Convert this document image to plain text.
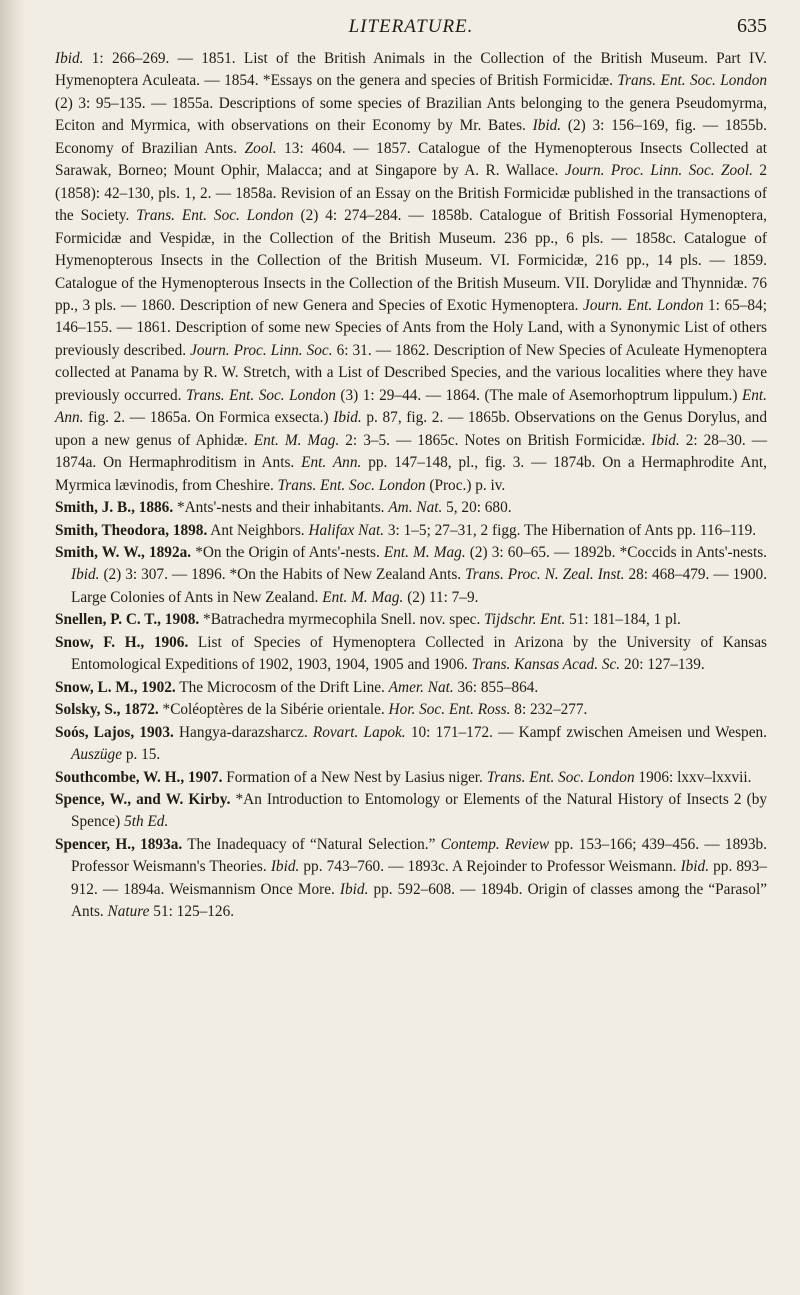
LITERATURE.	635

Ibid. 1: 266–269. — 1851. List of the British Animals in the Collection of the British Museum. Part IV. Hymenoptera Aculeata. — 1854. *Essays on the genera and species of British Formicidæ. Trans. Ent. Soc. London (2) 3: 95–135. — 1855a. Descriptions of some species of Brazilian Ants belonging to the genera Pseudomyrma, Eciton and Myrmica, with observations on their Economy by Mr. Bates. Ibid. (2) 3: 156–169, fig. — 1855b. Economy of Brazilian Ants. Zool. 13: 4604. — 1857. Catalogue of the Hymenopterous Insects Collected at Sarawak, Borneo; Mount Ophir, Malacca; and at Singapore by A. R. Wallace. Journ. Proc. Linn. Soc. Zool. 2 (1858): 42–130, pls. 1, 2. — 1858a. Revision of an Essay on the British Formicidæ published in the transactions of the Society. Trans. Ent. Soc. London (2) 4: 274–284. — 1858b. Catalogue of British Fossorial Hymenoptera, Formicidæ and Vespidæ, in the Collection of the British Museum. 236 pp., 6 pls. — 1858c. Catalogue of Hymenopterous Insects in the Collection of the British Museum. VI. Formicidæ, 216 pp., 14 pls. — 1859. Catalogue of the Hymenopterous Insects in the Collection of the British Museum. VII. Dorylidæ and Thynnidæ. 76 pp., 3 pls. — 1860. Description of new Genera and Species of Exotic Hymenoptera. Journ. Ent. London 1: 65–84; 146–155. — 1861. Description of some new Species of Ants from the Holy Land, with a Synonymic List of others previously described. Journ. Proc. Linn. Soc. 6: 31. — 1862. Description of New Species of Aculeate Hymenoptera collected at Panama by R. W. Stretch, with a List of Described Species, and the various localities where they have previously occurred. Trans. Ent. Soc. London (3) 1: 29–44. — 1864. (The male of Asemorhoptrum lippulum.) Ent. Ann. fig. 2. — 1865a. On Formica exsecta.) Ibid. p. 87, fig. 2. — 1865b. Observations on the Genus Dorylus, and upon a new genus of Aphidæ. Ent. M. Mag. 2: 3–5. — 1865c. Notes on British Formicidæ. Ibid. 2: 28–30. — 1874a. On Hermaphroditism in Ants. Ent. Ann. pp. 147–148, pl., fig. 3. — 1874b. On a Hermaphrodite Ant, Myrmica lævinodis, from Cheshire. Trans. Ent. Soc. London (Proc.) p. iv.

Smith, J. B., 1886. *Ants'-nests and their inhabitants. Am. Nat. 5, 20: 680.

Smith, Theodora, 1898. Ant Neighbors. Halifax Nat. 3: 1–5; 27–31, 2 figg. The Hibernation of Ants pp. 116–119.

Smith, W. W., 1892a. *On the Origin of Ants'-nests. Ent. M. Mag. (2) 3: 60–65. — 1892b. *Coccids in Ants'-nests. Ibid. (2) 3: 307. — 1896. *On the Habits of New Zealand Ants. Trans. Proc. N. Zeal. Inst. 28: 468–479. — 1900. Large Colonies of Ants in New Zealand. Ent. M. Mag. (2) 11: 7–9.

Snellen, P. C. T., 1908. *Batrachedra myrmecophila Snell. nov. spec. Tijdschr. Ent. 51: 181–184, 1 pl.

Snow, F. H., 1906. List of Species of Hymenoptera Collected in Arizona by the University of Kansas Entomological Expeditions of 1902, 1903, 1904, 1905 and 1906. Trans. Kansas Acad. Sc. 20: 127–139.

Snow, L. M., 1902. The Microcosm of the Drift Line. Amer. Nat. 36: 855–864.

Solsky, S., 1872. *Coléoptères de la Sibérie orientale. Hor. Soc. Ent. Ross. 8: 232–277.

Soós, Lajos, 1903. Hangya-darazsharcz. Rovart. Lapok. 10: 171–172. — Kampf zwischen Ameisen und Wespen. Auszüge p. 15.

Southcombe, W. H., 1907. Formation of a New Nest by Lasius niger. Trans. Ent. Soc. London 1906: lxxv–lxxvii.

Spence, W., and W. Kirby. *An Introduction to Entomology or Elements of the Natural History of Insects 2 (by Spence) 5th Ed.

Spencer, H., 1893a. The Inadequacy of “Natural Selection.” Contemp. Review pp. 153–166; 439–456. — 1893b. Professor Weismann's Theories. Ibid. pp. 743–760. — 1893c. A Rejoinder to Professor Weismann. Ibid. pp. 893–912. — 1894a. Weismannism Once More. Ibid. pp. 592–608. — 1894b. Origin of classes among the “Parasol” Ants. Nature 51: 125–126.
